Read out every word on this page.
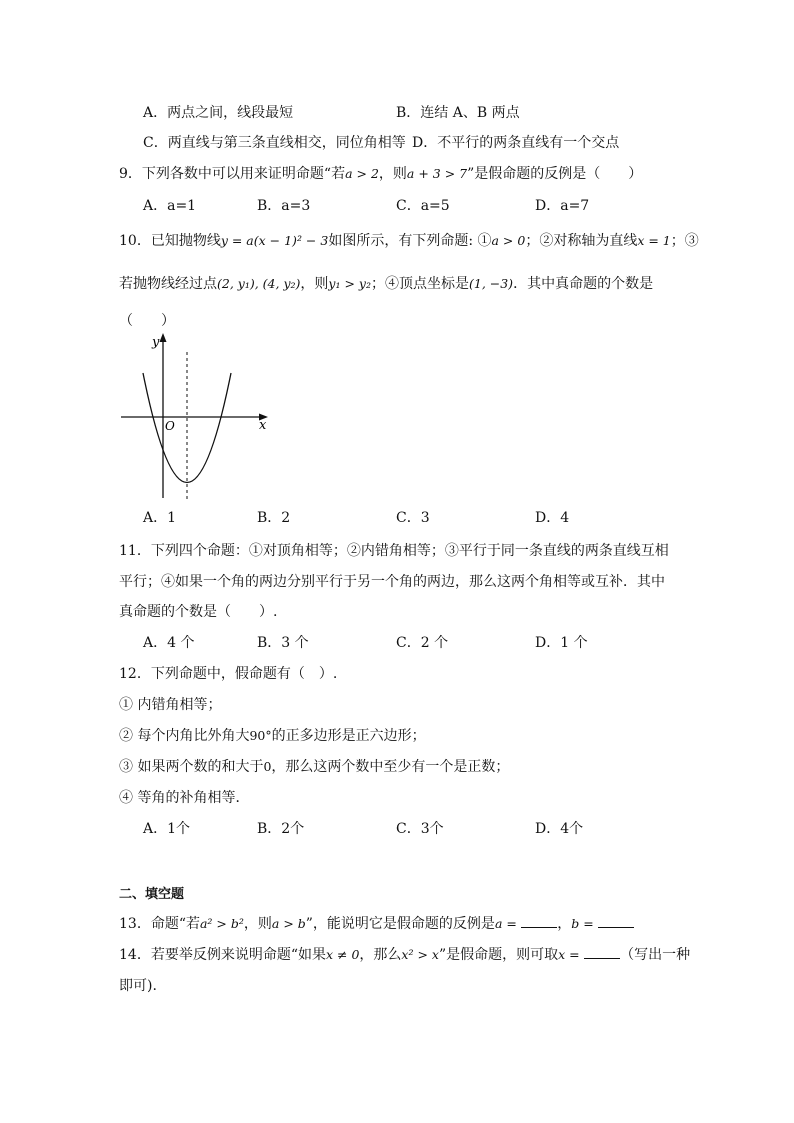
A．两点之间，线段最短	B．连结 A、B 两点
C．两直线与第三条直线相交，同位角相等 D．不平行的两条直线有一个交点
9．下列各数中可以用来证明命题“若a > 2，则a + 3 > 7”是假命题的反例是（　　）
A．a=1	B．a=3	C．a=5	D．a=7
10．已知抛物线y = a(x − 1)² − 3如图所示，有下列命题: ①a > 0；②对称轴为直线x = 1；③
若抛物线经过点(2, y₁), (4, y₂)，则y₁ > y₂；④顶点坐标是(1, −3)．其中真命题的个数是
（　　）
y
x
O
A．1	B．2	C．3	D．4
11．下列四个命题：①对顶角相等；②内错角相等；③平行于同一条直线的两条直线互相
平行；④如果一个角的两边分别平行于另一个角的两边，那么这两个角相等或互补．其中
真命题的个数是（　　）.
A．4 个	B．3 个	C．2 个	D．1 个
12．下列命题中，假命题有（　）.
① 内错角相等；
② 每个内角比外角大90°的正多边形是正六边形；
③ 如果两个数的和大于0，那么这两个数中至少有一个是正数；
④ 等角的补角相等．
A．1个	B．2个	C．3个	D．4个
二、填空题
13．命题“若a² > b²，则a > b”，能说明它是假命题的反例是a =	，b =
14．若要举反例来说明命题“如果x ≠ 0，那么x² > x”是假命题，则可取x =	（写出一种
即可).
